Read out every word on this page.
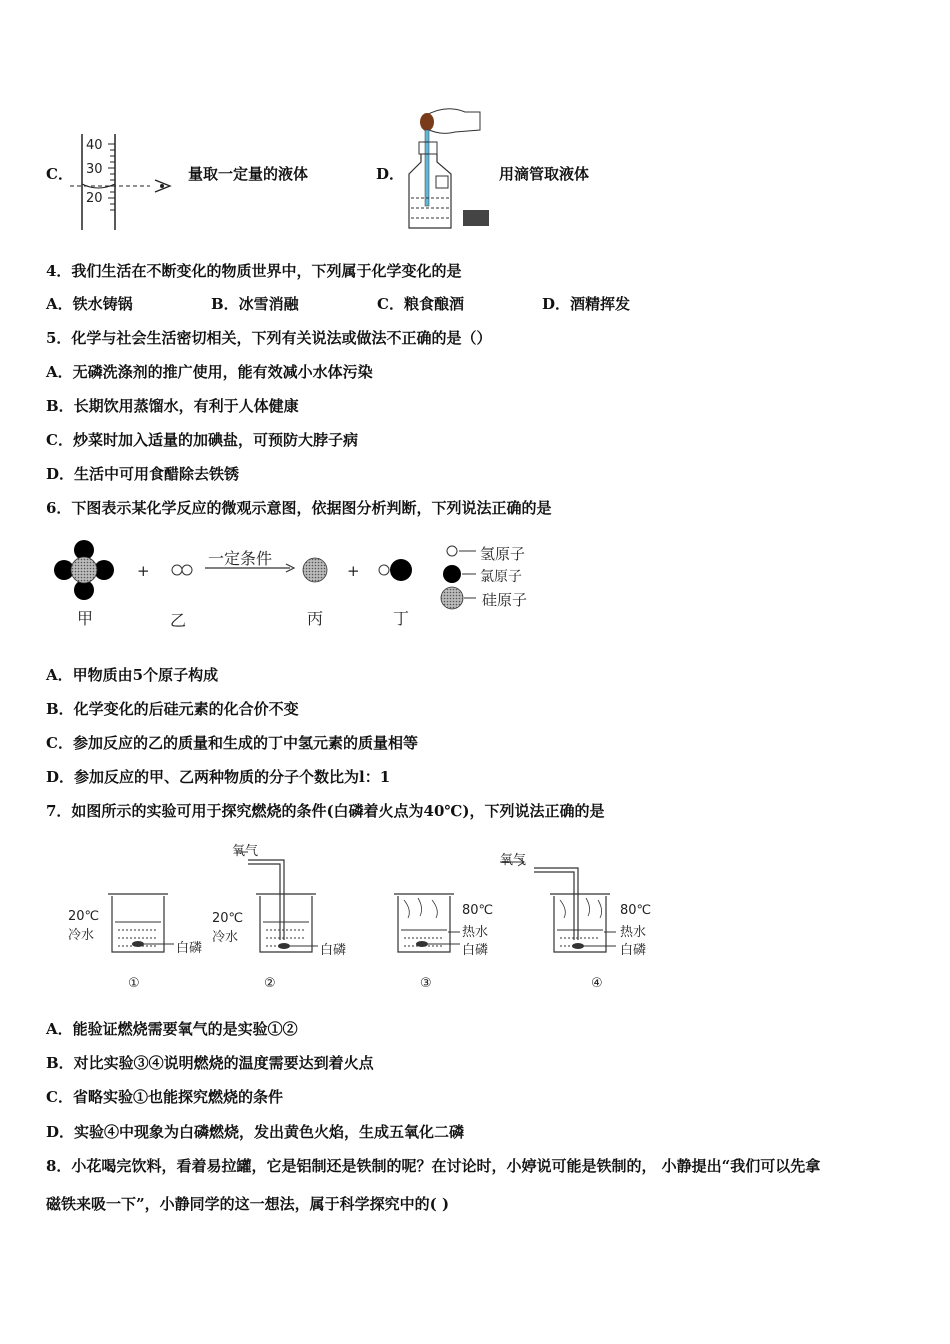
C．
40
30
20
量取一定量的液体	D．	用滴管取液体
4．我们生活在不断变化的物质世界中，下列属于化学变化的是
A．铁水铸锅	B．冰雪消融	C．粮食酿酒	D．酒精挥发
5．化学与社会生活密切相关，下列有关说法或做法不正确的是（）
A．无磷洗涤剂的推广使用，能有效减小水体污染
B．长期饮用蒸馏水，有利于人体健康
C．炒菜时加入适量的加碘盐，可预防大脖子病
D．生活中可用食醋除去铁锈
6．下图表示某化学反应的微观示意图，依据图分析判断，下列说法正确的是
+	+
一定条件
甲	乙	丙	丁
氢原子
氯原子
硅原子
A．甲物质由5个原子构成
B．化学变化的后硅元素的化合价不变
C．参加反应的乙的质量和生成的丁中氢元素的质量相等
D．参加反应的甲、乙两种物质的分子个数比为l：1
7．如图所示的实验可用于探究燃烧的条件(白磷着火点为40℃)，下列说法正确的是
氧气
氧气
20℃
冷水
白磷
20℃
冷水
白磷
80℃
热水
白磷
80℃
热水
白磷
①	②	③	④
A．能验证燃烧需要氧气的是实验①②
B．对比实验③④说明燃烧的温度需要达到着火点
C．省略实验①也能探究燃烧的条件
D．实验④中现象为白磷燃烧，发出黄色火焰，生成五氧化二磷
8．小花喝完饮料，看着易拉罐，它是铝制还是铁制的呢？在讨论时，小婷说可能是铁制的， 小静提出“我们可以先拿
磁铁来吸一下”，小静同学的这一想法，属于科学探究中的( )
